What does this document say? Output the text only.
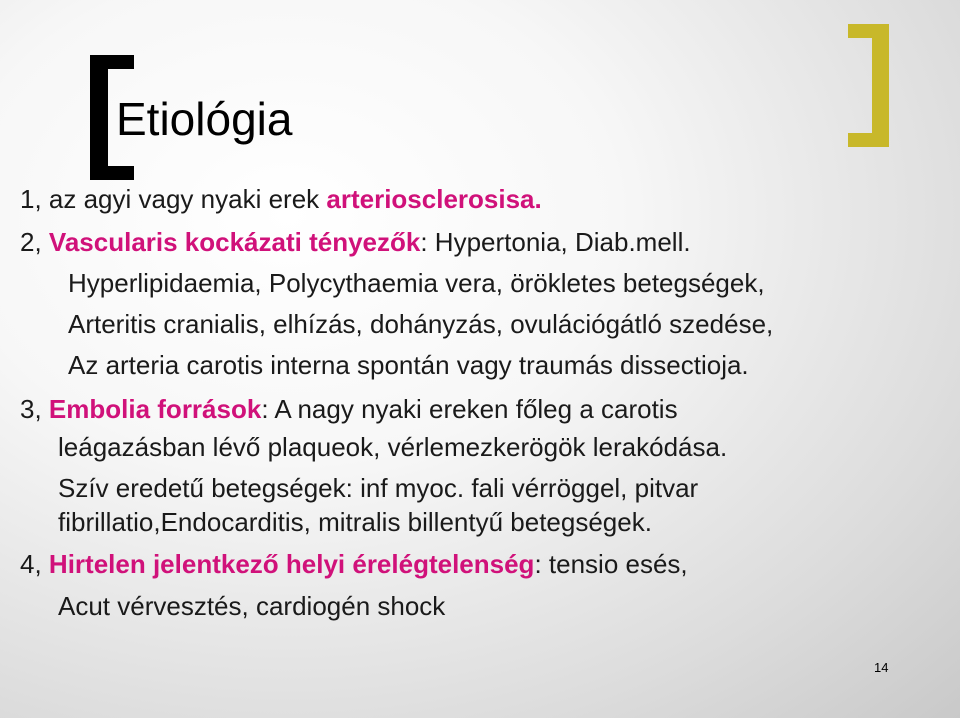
Etiológia
1, az agyi vagy nyaki erek arteriosclerosisa.
2, Vascularis kockázati tényezők: Hypertonia, Diab.mell.
Hyperlipidaemia, Polycythaemia vera, örökletes betegségek,
Arteritis cranialis, elhízás, dohányzás, ovulációgátló szedése,
Az arteria carotis interna spontán vagy traumás dissectioja.
3, Embolia források: A nagy nyaki ereken főleg a carotis
leágazásban lévő plaqueok, vérlemezkerögök lerakódása.
Szív eredetű betegségek: inf myoc. fali vérröggel, pitvar
fibrillatio,Endocarditis, mitralis billentyű betegségek.
4, Hirtelen jelentkező helyi érelégtelenség: tensio esés,
Acut vérvesztés, cardiogén shock
14
